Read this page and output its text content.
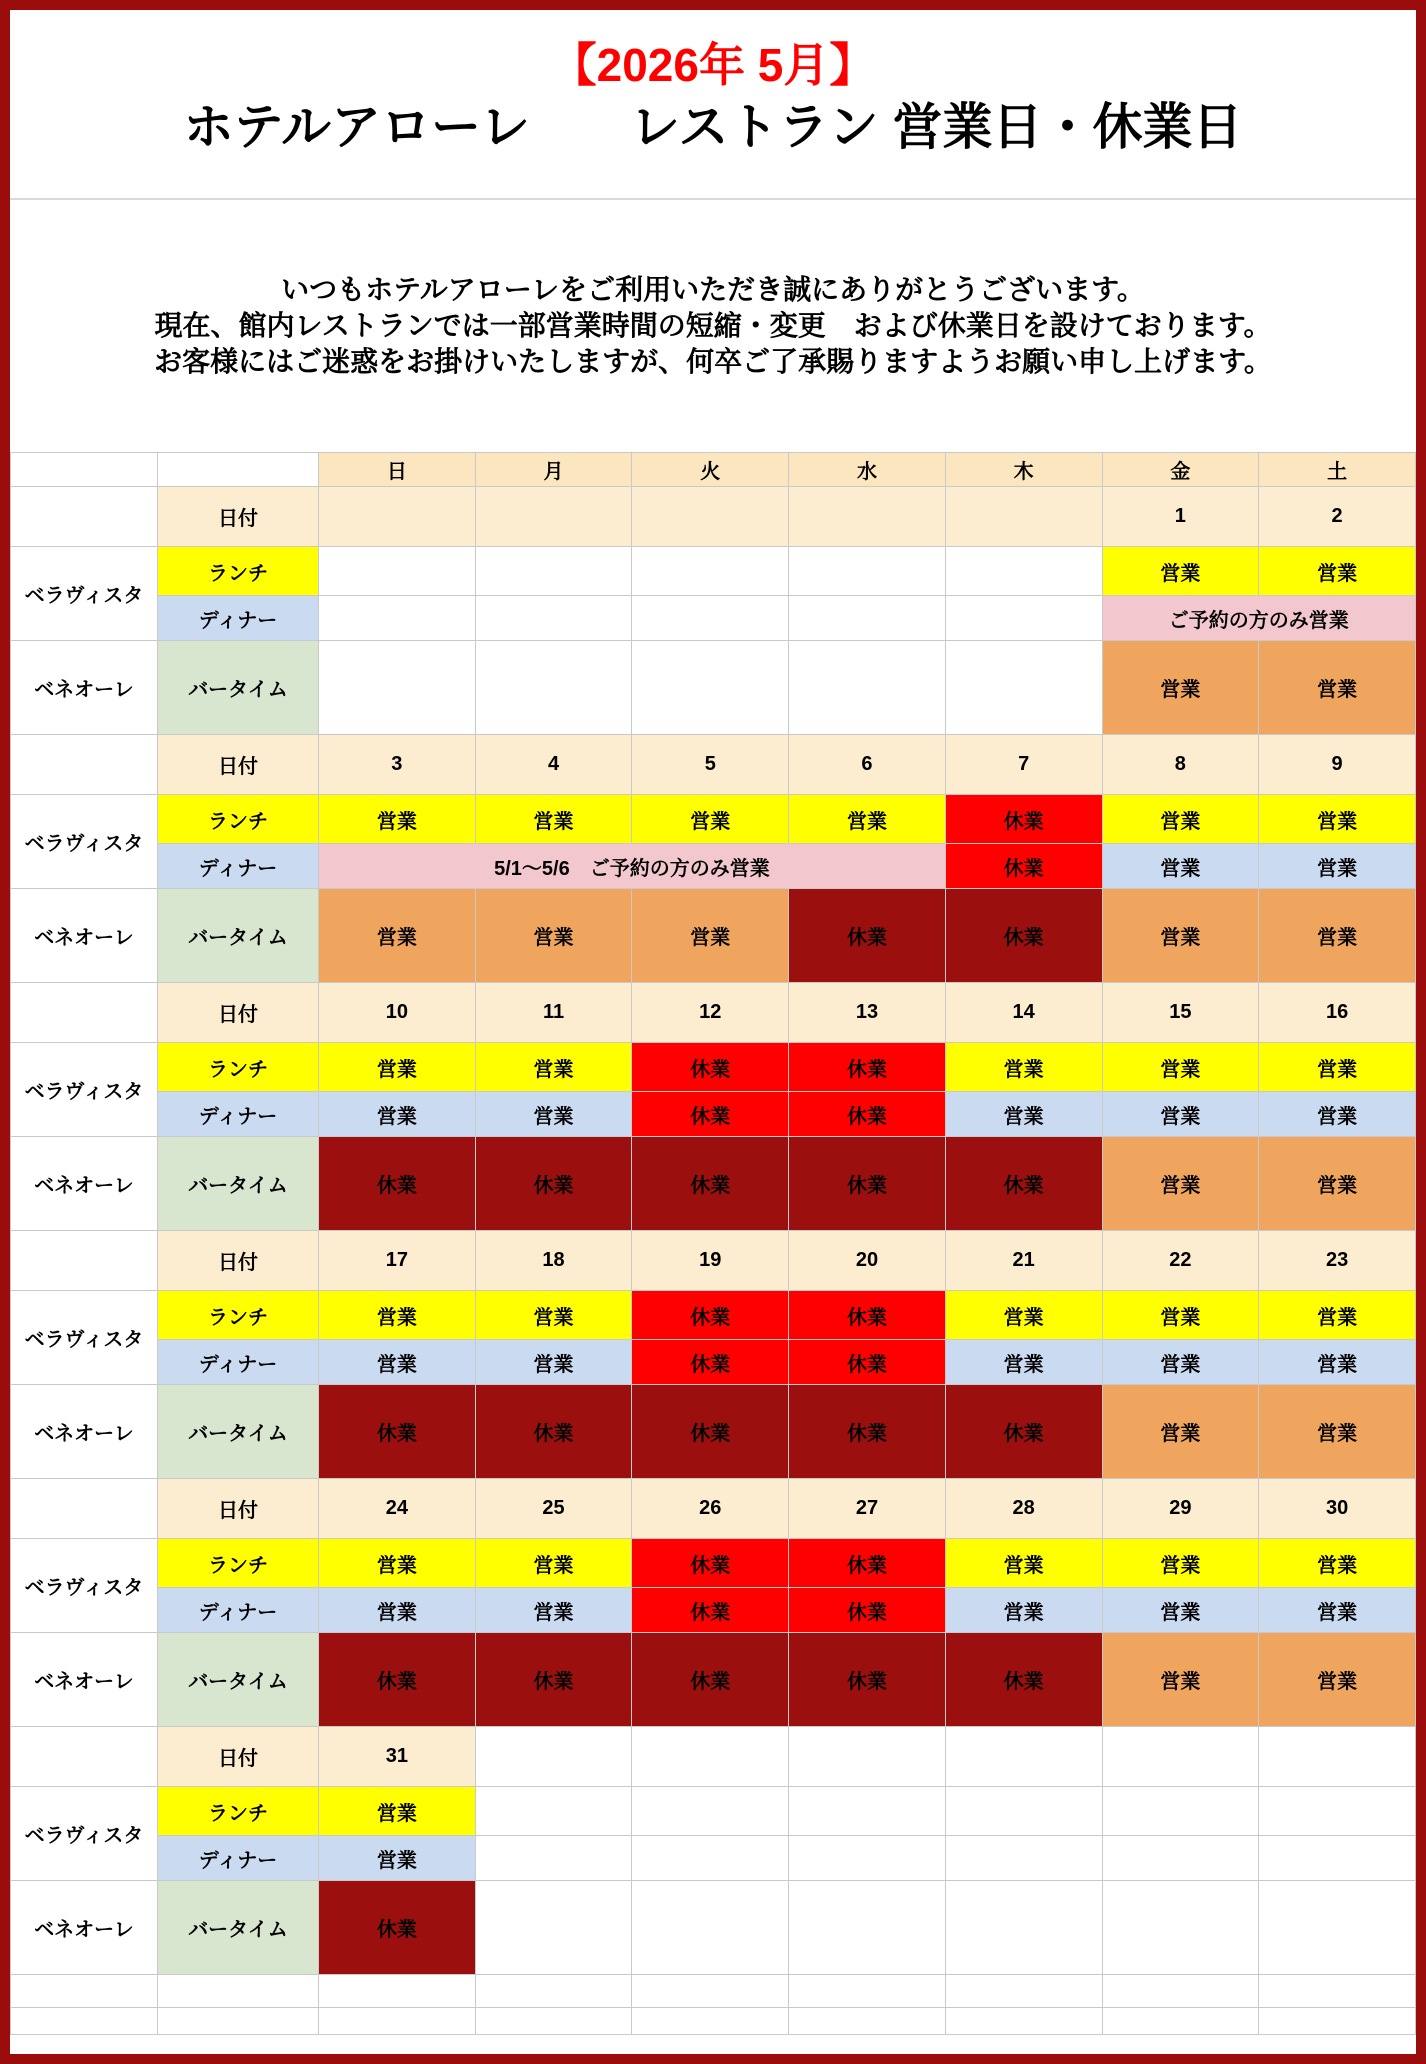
【2026年 5月】
ホテルアローレ　　レストラン 営業日・休業日
いつもホテルアローレをご利用いただき誠にありがとうございます。
現在、館内レストランでは一部営業時間の短縮・変更　および休業日を設けております。
お客様にはご迷惑をお掛けいたしますが、何卒ご了承賜りますようお願い申し上げます。
		日	月	火	水	木	金	土
	日付						1	2
ベラヴィスタ	ランチ						営業	営業
	ディナー						ご予約の方のみ営業	
ベネオーレ	バータイム						営業	営業
	日付	3	4	5	6	7	8	9
ベラヴィスタ	ランチ	営業	営業	営業	営業	休業	営業	営業
	ディナー	5/1～5/6　ご予約の方のみ営業				休業	営業	営業
ベネオーレ	バータイム	営業	営業	営業	休業	休業	営業	営業
	日付	10	11	12	13	14	15	16
ベラヴィスタ	ランチ	営業	営業	休業	休業	営業	営業	営業
	ディナー	営業	営業	休業	休業	営業	営業	営業
ベネオーレ	バータイム	休業	休業	休業	休業	休業	営業	営業
	日付	17	18	19	20	21	22	23
ベラヴィスタ	ランチ	営業	営業	休業	休業	営業	営業	営業
	ディナー	営業	営業	休業	休業	営業	営業	営業
ベネオーレ	バータイム	休業	休業	休業	休業	休業	営業	営業
	日付	24	25	26	27	28	29	30
ベラヴィスタ	ランチ	営業	営業	休業	休業	営業	営業	営業
	ディナー	営業	営業	休業	休業	営業	営業	営業
ベネオーレ	バータイム	休業	休業	休業	休業	休業	営業	営業
	日付	31						
ベラヴィスタ	ランチ	営業						
	ディナー	営業						
ベネオーレ	バータイム	休業						
